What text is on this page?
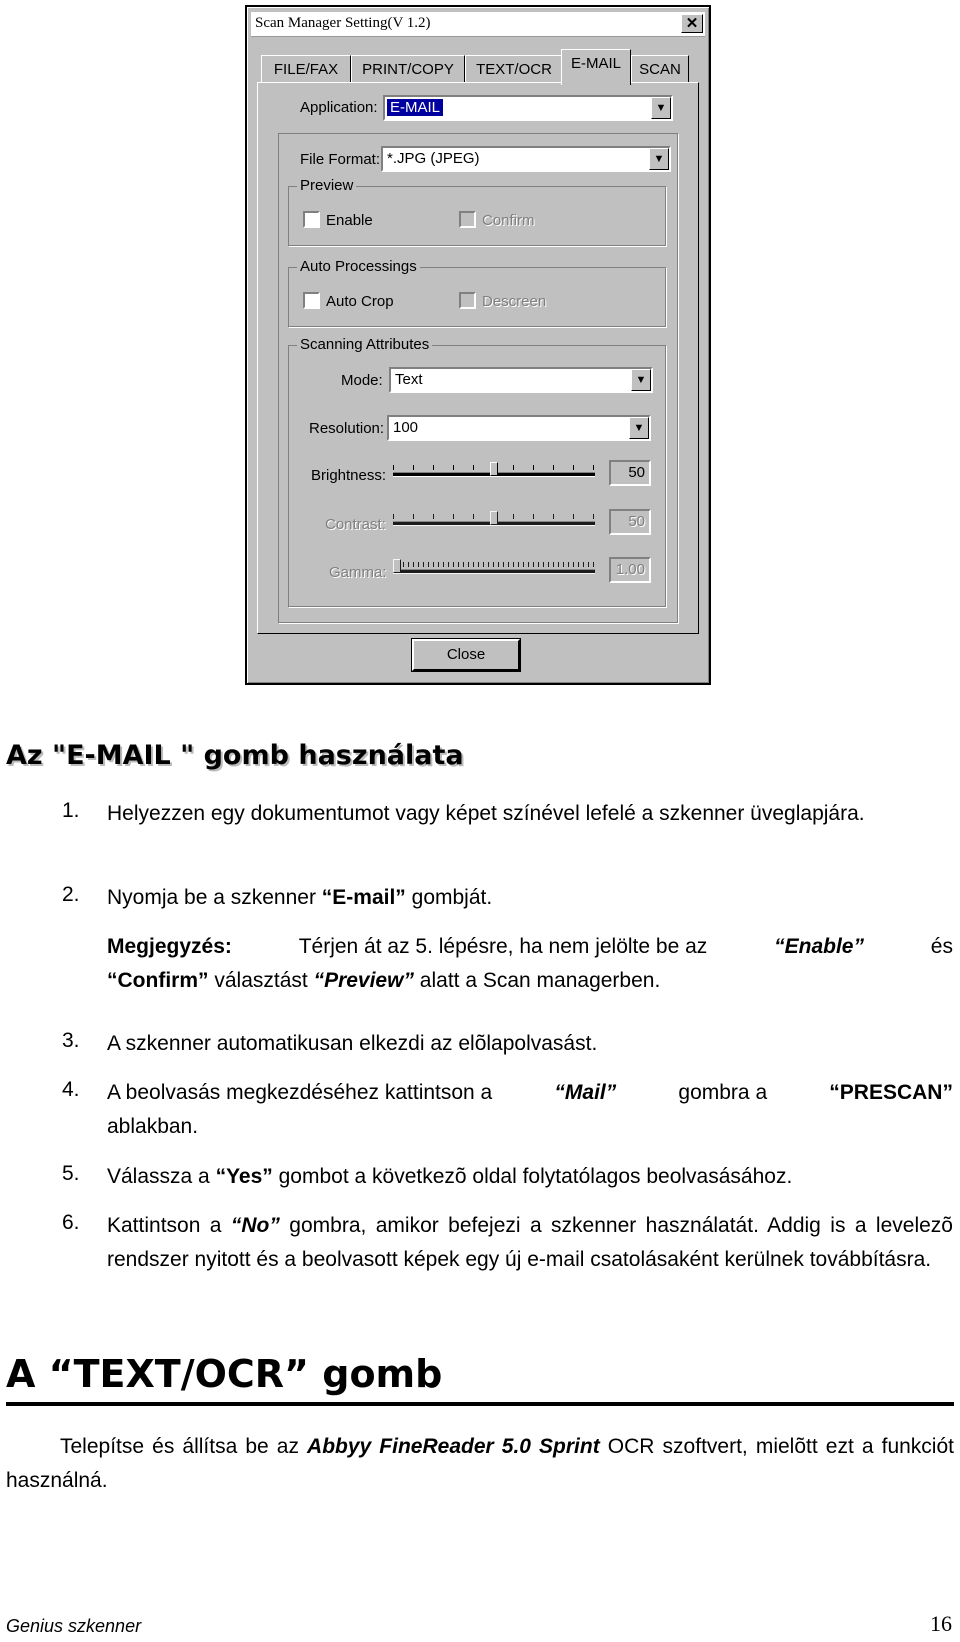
Scan Manager Setting(V 1.2)	✕
FILE/FAX	PRINT/COPY	TEXT/OCR	E-MAIL	SCAN
Application: E-MAIL	▼
File Format: *.JPG (JPEG)	▼
Preview
Enable	Confirm
Auto Processings
Auto Crop	Descreen
Scanning Attributes
Mode: Text	▼
Resolution: 100	▼
Brightness:	50
Contrast:	50
Gamma:	1.00
Close
Az "E-MAIL " gomb használata
1. Helyezzen egy dokumentumot vagy képet színével lefelé a szkenner üveglapjára.
2. Nyomja be a szkenner “E-mail” gombját.
Megjegyzés:	Térjen át az 5. lépésre, ha nem jelölte be az	“Enable”	és
“Confirm” választást “Preview” alatt a Scan managerben.
3. A szkenner automatikusan elkezdi az elõlapolvasást.
4. A beolvasás megkezdéséhez kattintson a	“Mail”	gombra a	“PRESCAN”
ablakban.
5. Válassza a “Yes” gombot a következõ oldal folytatólagos beolvasásához.
6. Kattintson a “No” gombra, amikor befejezi a szkenner használatát. Addig is a levelezõ rendszer nyitott és a beolvasott képek egy új e-mail csatolásaként kerülnek továbbításra.
A “TEXT/OCR” gomb
Telepítse és állítsa be az Abbyy FineReader 5.0 Sprint OCR szoftvert, mielõtt ezt a funkciót használná.
Genius szkenner	16
